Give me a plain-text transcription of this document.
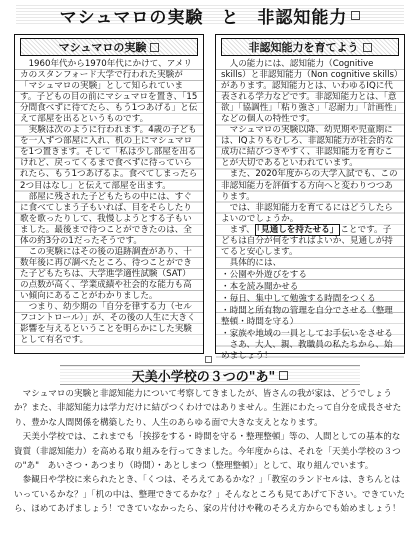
マシュマロの実験　と　非認知能力
マシュマロの実験

1960年代から1970年代にかけて、アメリカのスタンフォード大学で行われた実験が「マシュマロの実験」として知られています。子どもの目の前にマシュマロを置き、「15分間食べずに待てたら、もう1つあげる」と伝えて部屋を出るというものです。

実験は次のように行われます。4歳の子どもを一人ずつ部屋に入れ、机の上にマシュマロを1つ置きます。そして「私は少し部屋を出るけれど、戻ってくるまで食べずに待っていられたら、もう1つあげるよ。食べてしまったら2つ目はなし」と伝えて部屋を出ます。

部屋に残された子どもたちの中には、すぐに食べてしまう子もいれば、目をそらしたり歌を歌ったりして、我慢しようとする子もいました。最後まで待つことができたのは、全体の約3分の1だったそうです。

この実験にはその後の追跡調査があり、十数年後に再び調べたところ、待つことができた子どもたちは、大学進学適性試験（SAT）の点数が高く、学業成績や社会的な能力も高い傾向にあることがわかりました。

つまり、幼少期の「自分を律する力（セルフコントロール）」が、その後の人生に大きく影響を与えるということを明らかにした実験として有名です。

非認知能力を育てよう

人の能力には、認知能力（Cognitive skills）と非認知能力（Non cognitive skills）があります。認知能力とは、いわゆるIQに代表される学力などです。非認知能力とは、「意欲」「協調性」「粘り強さ」「忍耐力」「計画性」などの個人の特性です。

マシュマロの実験以降、幼児期や児童期には、IQよりもむしろ、非認知能力が社会的な成功に結びつきやすく、非認知能力を育むことが大切であるといわれています。

また、2020年度からの大学入試でも、この非認知能力を評価する方向へと変わりつつあります。

では、非認知能力を育てるにはどうしたらよいのでしょうか。

まず、 「見通しを持たせる」 ことです。子どもは自分が何をすればよいか、見通しが持てると安心します。

具体的には、

・公園や外遊びをする
・本を読み聞かせる
・毎日、集中して勉強する時間をつくる
・時間と所有物の管理を自分でさせる（整理整頓・時間を守る）
・家族や地域の一員としてお手伝いをさせる

さあ、大人、親、教職員の私たちから、始めましょう！

天美小学校の３つの"あ"

マシュマロの実験と非認知能力について考察してきましたが、皆さんの我が家は、どうでしょうか？また、非認知能力は学力だけに結びつくわけではありません。生涯にわたって自分を成長させたり、豊かな人間関係を構築したり、人生のあらゆる面で大きな支えとなります。

天美小学校では、これまでも「挨拶をする・時間を守る・整理整頓」等の、人間としての基本的な資質（非認知能力）を高める取り組みを行ってきました。今年度からは、それを「天美小学校の３つの"あ"　あいさつ・あつまり（時間）・あとしまつ（整理整頓）」として、取り組んでいます。

参観日や学校に来られたとき、「くつは、そろえてあるかな？」「教室のランドセルは、きちんとはいっているかな？」「机の中は、整理できてるかな？」そんなところも見てあげて下さい。できていたら、ほめてあげましょう！できていなかったら、家の片付けや靴のそろえ方からでも始めましょう！
